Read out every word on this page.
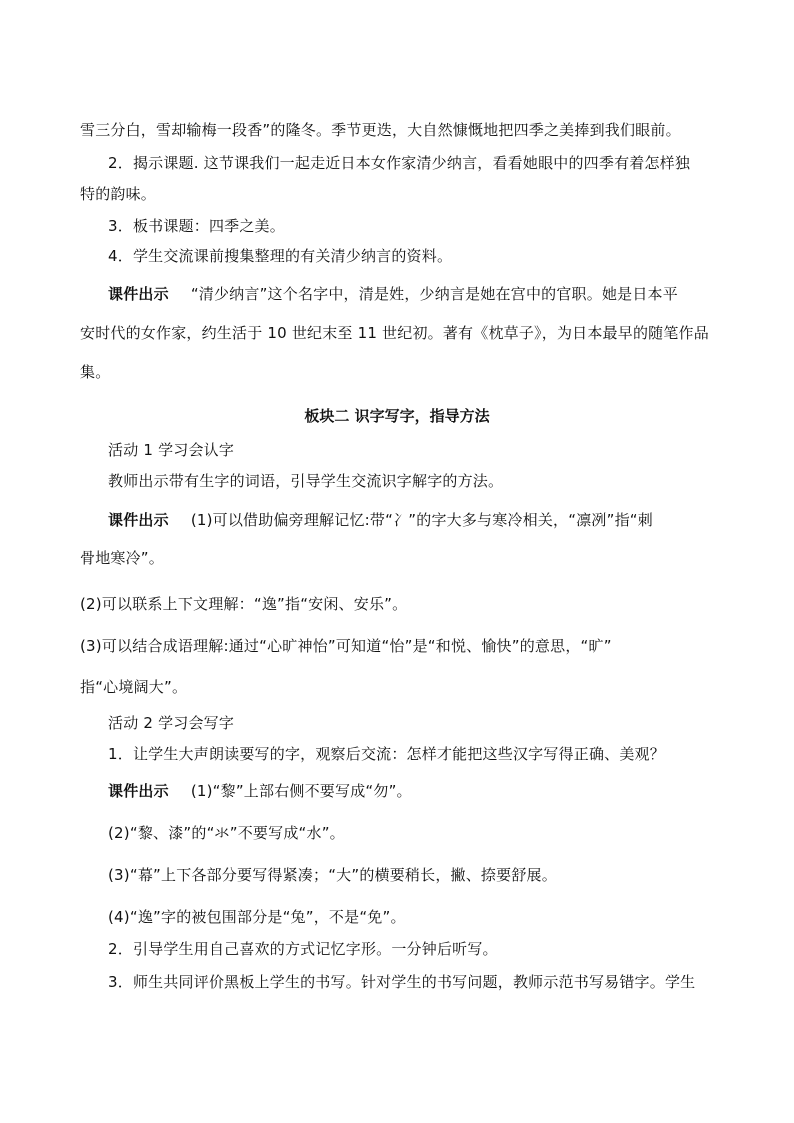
雪三分白，雪却输梅一段香”的隆冬。季节更迭，大自然慷慨地把四季之美捧到我们眼前。
2．揭示课题. 这节课我们一起走近日本女作家清少纳言，看看她眼中的四季有着怎样独
特的韵味。
3．板书课题：四季之美。
4．学生交流课前搜集整理的有关清少纳言的资料。
课件出示 “清少纳言”这个名字中，清是姓，少纳言是她在宫中的官职。她是日本平
安时代的女作家，约生活于 10 世纪末至 11 世纪初。著有《枕草子》，为日本最早的随笔作品
集。
板块二 识字写字，指导方法
活动 1 学习会认字
教师出示带有生字的词语，引导学生交流识字解字的方法。
课件出示 (1)可以借助偏旁理解记忆:带“冫”的字大多与寒冷相关，“凛冽”指“刺
骨地寒冷”。
(2)可以联系上下文理解：“逸”指“安闲、安乐”。
(3)可以结合成语理解:通过“心旷神怡”可知道“怡”是“和悦、愉快”的意思，“旷”
指“心境阔大”。
活动 2 学习会写字
1．让学生大声朗读要写的字，观察后交流：怎样才能把这些汉字写得正确、美观？
课件出示 (1)“黎”上部右侧不要写成“勿”。
(2)“黎、漆”的“氺”不要写成“水”。
(3)“幕”上下各部分要写得紧凑；“大”的横要稍长，撇、捺要舒展。
(4)“逸”字的被包围部分是“兔”，不是“免”。
2．引导学生用自己喜欢的方式记忆字形。一分钟后听写。
3．师生共同评价黑板上学生的书写。针对学生的书写问题，教师示范书写易错字。学生
